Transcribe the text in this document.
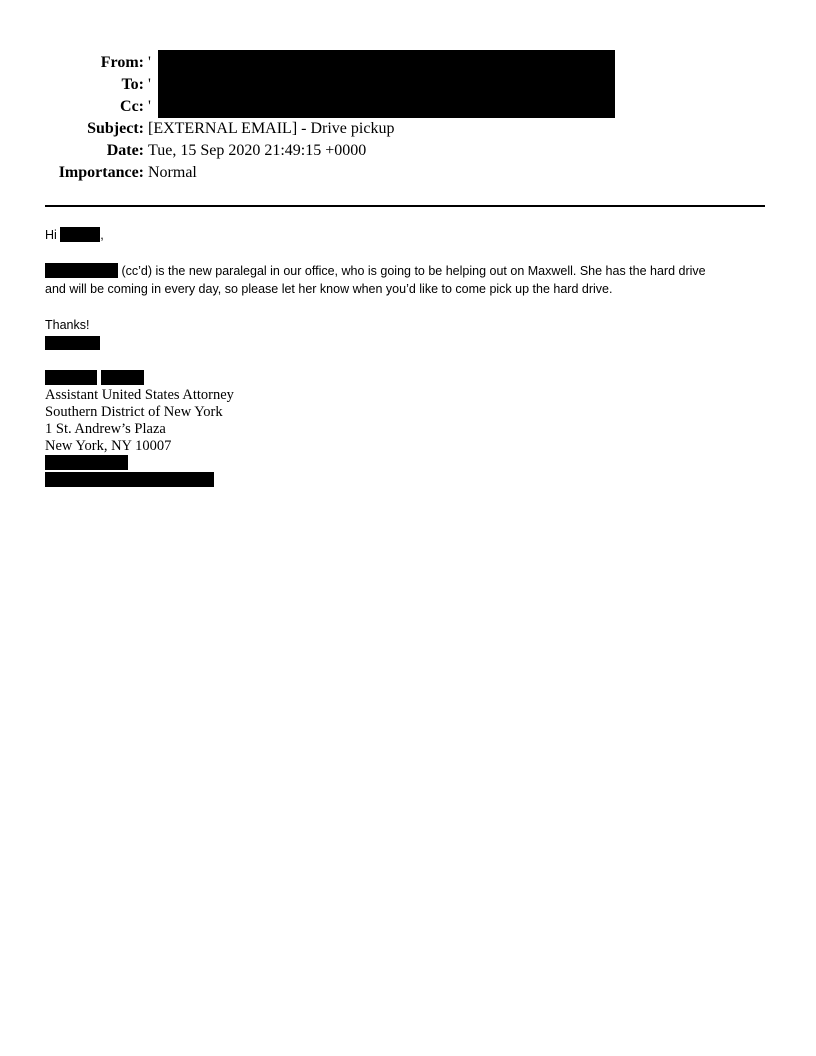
From: '
To: '
Cc: '
Subject: [EXTERNAL EMAIL] - Drive pickup
Date: Tue, 15 Sep 2020 21:49:15 +0000
Importance: Normal

Hi	,

(cc’d) is the new paralegal in our office, who is going to be helping out on Maxwell. She has the hard drive

and will be coming in every day, so please let her know when you’d like to come pick up the hard drive.

Thanks!

Assistant United States Attorney
Southern District of New York
1 St. Andrew’s Plaza
New York, NY 10007
